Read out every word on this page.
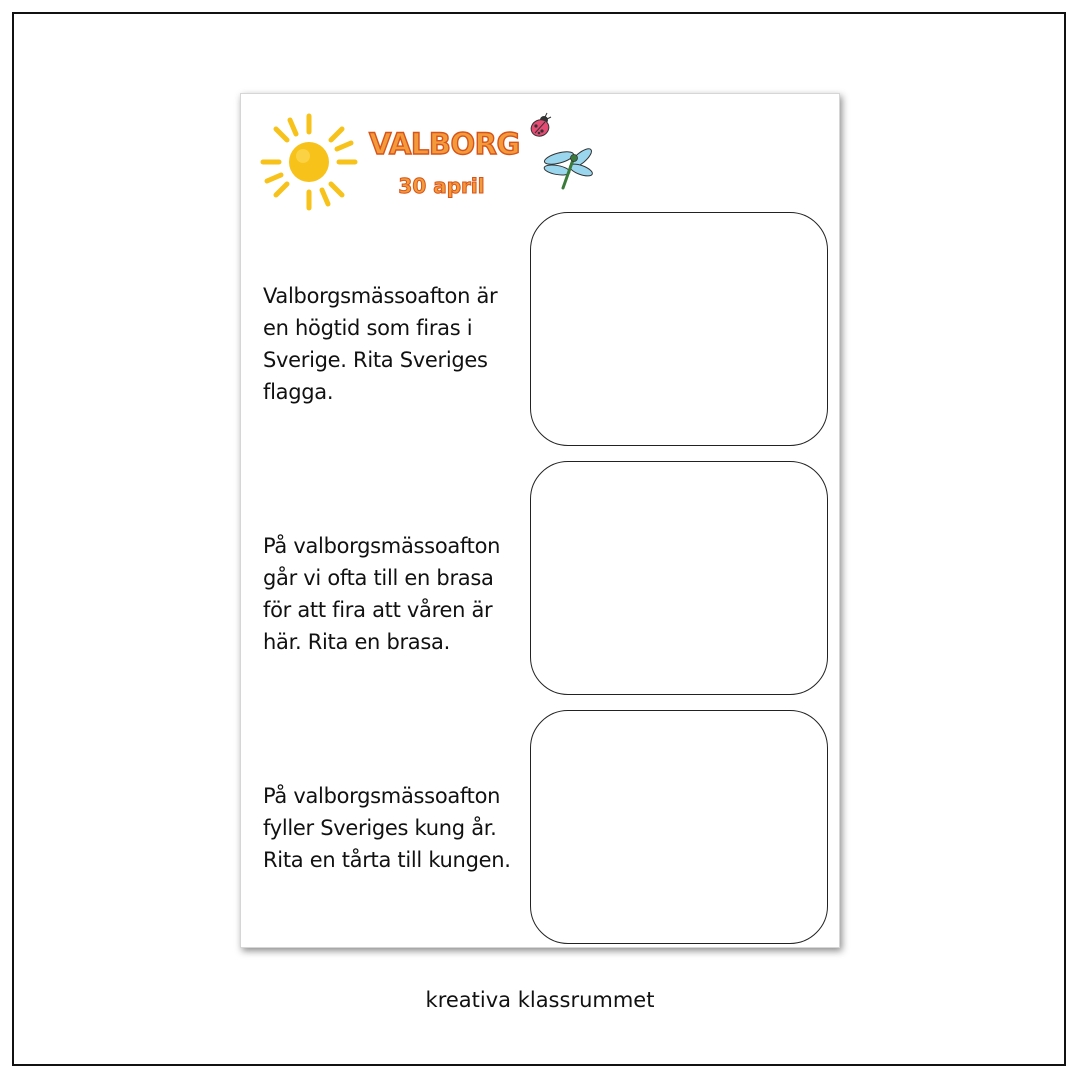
VALBORG
30 april
Valborgsmässoafton är en högtid som firas i Sverige. Rita Sveriges flagga.
På valborgsmässoafton går vi ofta till en brasa för att fira att våren är här. Rita en brasa.
På valborgsmässoafton fyller Sveriges kung år. Rita en tårta till kungen.
kreativa klassrummet
